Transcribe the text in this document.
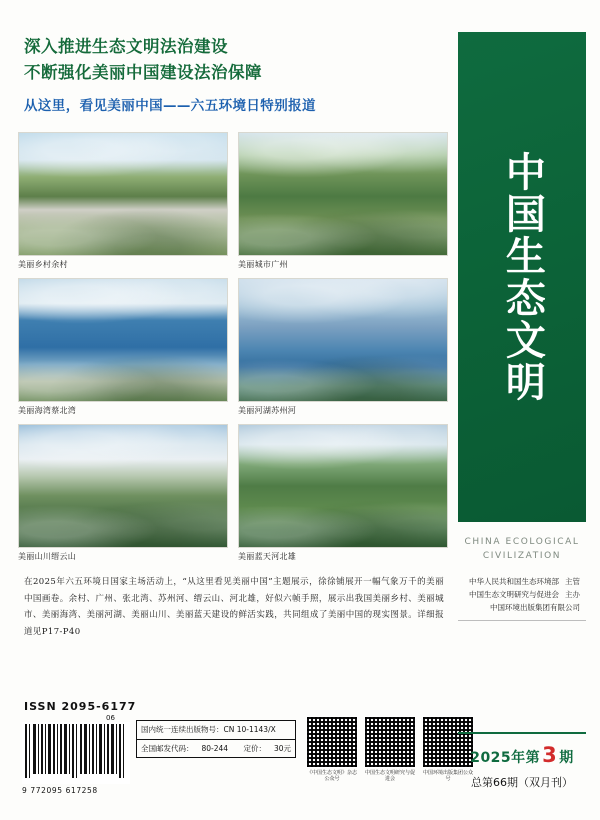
深入推进生态文明法治建设
不断强化美丽中国建设法治保障
从这里，看见美丽中国——六五环境日特别报道
美丽乡村余村	美丽城市广州
美丽海湾蔡北湾	美丽河湖苏州河
美丽山川缙云山	美丽蓝天河北雄
在2025年六五环境日国家主场活动上，“从这里看见美丽中国”主题展示，徐徐铺展开一幅气象万千的美丽中国画卷。余村、广州、张北湾、苏州河、缙云山、河北雄，好似六帧手照，展示出我国美丽乡村、美丽城市、美丽海湾、美丽河湖、美丽山川、美丽蓝天建设的鲜活实践，共同组成了美丽中国的现实图景。详细报道见P17-P40
ISSN 2095-6177
06
9 772095 617258
国内统一连续出版物号：CN 10-1143/X
全国邮发代码： 80-244	定价： 30元
《中国生态文明》杂志公众号
中国生态文明研究与促进会
中国环境出版集团公众号
中国生态文明
CHINA ECOLOGICAL
CIVILIZATION
中华人民共和国生态环境部 主管
中国生态文明研究与促进会 主办
中国环境出版集团有限公司
2025年第3 期
总第66期（双月刊）
